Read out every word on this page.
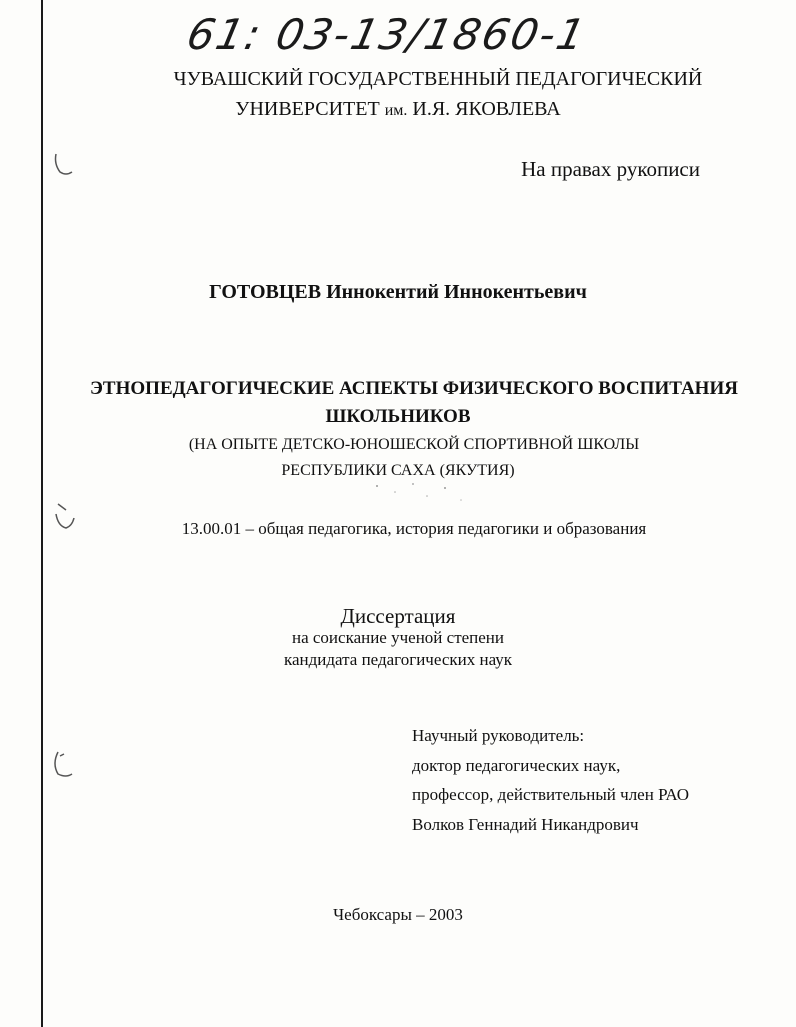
61: 03-13/1860-1
ЧУВАШСКИЙ ГОСУДАРСТВЕННЫЙ ПЕДАГОГИЧЕСКИЙ
УНИВЕРСИТЕТ им. И.Я. ЯКОВЛЕВА
На правах рукописи
ГОТОВЦЕВ Иннокентий Иннокентьевич
ЭТНОПЕДАГОГИЧЕСКИЕ АСПЕКТЫ ФИЗИЧЕСКОГО ВОСПИТАНИЯ
ШКОЛЬНИКОВ
(НА ОПЫТЕ ДЕТСКО-ЮНОШЕСКОЙ СПОРТИВНОЙ ШКОЛЫ
РЕСПУБЛИКИ САХА (ЯКУТИЯ)
13.00.01 – общая педагогика, история педагогики и образования
Диссертация
на соискание ученой степени
кандидата педагогических наук
Научный руководитель:
доктор педагогических наук,
профессор, действительный член РАО
Волков Геннадий Никандрович
Чебоксары – 2003
